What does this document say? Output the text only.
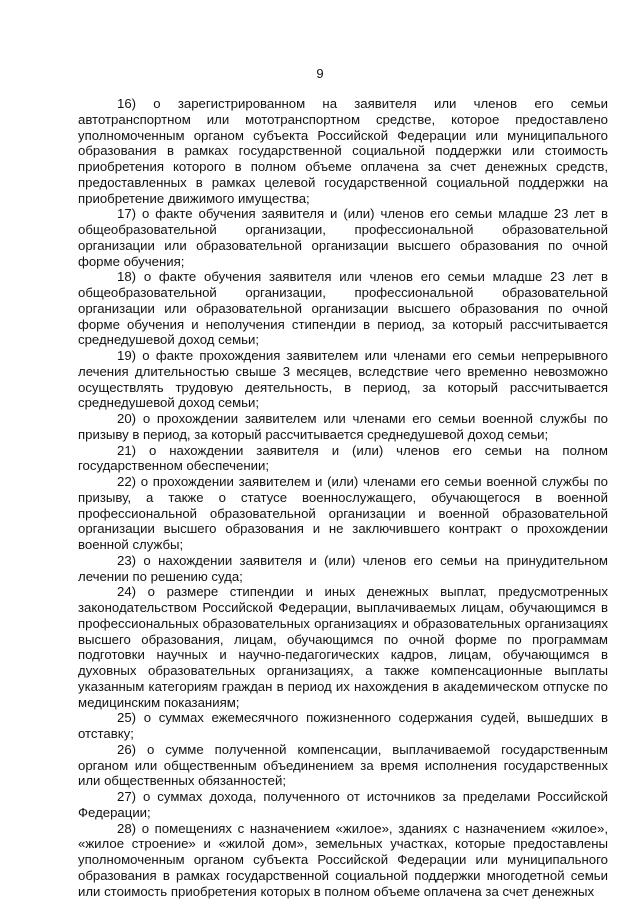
9

16) о зарегистрированном на заявителя или членов его семьи автотранспортном или мототранспортном средстве, которое предоставлено уполномоченным органом субъекта Российской Федерации или муниципального образования в рамках государственной социальной поддержки или стоимость приобретения которого в полном объеме оплачена за счет денежных средств, предоставленных в рамках целевой государственной социальной поддержки на приобретение движимого имущества;

17) о факте обучения заявителя и (или) членов его семьи младше 23 лет в общеобразовательной организации, профессиональной образовательной организации или образовательной организации высшего образования по очной форме обучения;

18) о факте обучения заявителя или членов его семьи младше 23 лет в общеобразовательной организации, профессиональной образовательной организации или образовательной организации высшего образования по очной форме обучения и неполучения стипендии в период, за который рассчитывается среднедушевой доход семьи;

19) о факте прохождения заявителем или членами его семьи непрерывного лечения длительностью свыше 3 месяцев, вследствие чего временно невозможно осуществлять трудовую деятельность, в период, за который рассчитывается среднедушевой доход семьи;

20) о прохождении заявителем или членами его семьи военной службы по призыву в период, за который рассчитывается среднедушевой доход семьи;

21) о нахождении заявителя и (или) членов его семьи на полном государственном обеспечении;

22) о прохождении заявителем и (или) членами его семьи военной службы по призыву, а также о статусе военнослужащего, обучающегося в военной профессиональной образовательной организации и военной образовательной организации высшего образования и не заключившего контракт о прохождении военной службы;

23) о нахождении заявителя и (или) членов его семьи на принудительном лечении по решению суда;

24) о размере стипендии и иных денежных выплат, предусмотренных законодательством Российской Федерации, выплачиваемых лицам, обучающимся в профессиональных образовательных организациях и образовательных организациях высшего образования, лицам, обучающимся по очной форме по программам подготовки научных и научно-педагогических кадров, лицам, обучающимся в духовных образовательных организациях, а также компенсационные выплаты указанным категориям граждан в период их нахождения в академическом отпуске по медицинским показаниям;

25) о суммах ежемесячного пожизненного содержания судей, вышедших в отставку;

26) о сумме полученной компенсации, выплачиваемой государственным органом или общественным объединением за время исполнения государственных или общественных обязанностей;

27) о суммах дохода, полученного от источников за пределами Российской Федерации;

28) о помещениях с назначением «жилое», зданиях с назначением «жилое», «жилое строение» и «жилой дом», земельных участках, которые предоставлены уполномоченным органом субъекта Российской Федерации или муниципального образования в рамках государственной социальной поддержки многодетной семьи или стоимость приобретения которых в полном объеме оплачена за счет денежных
